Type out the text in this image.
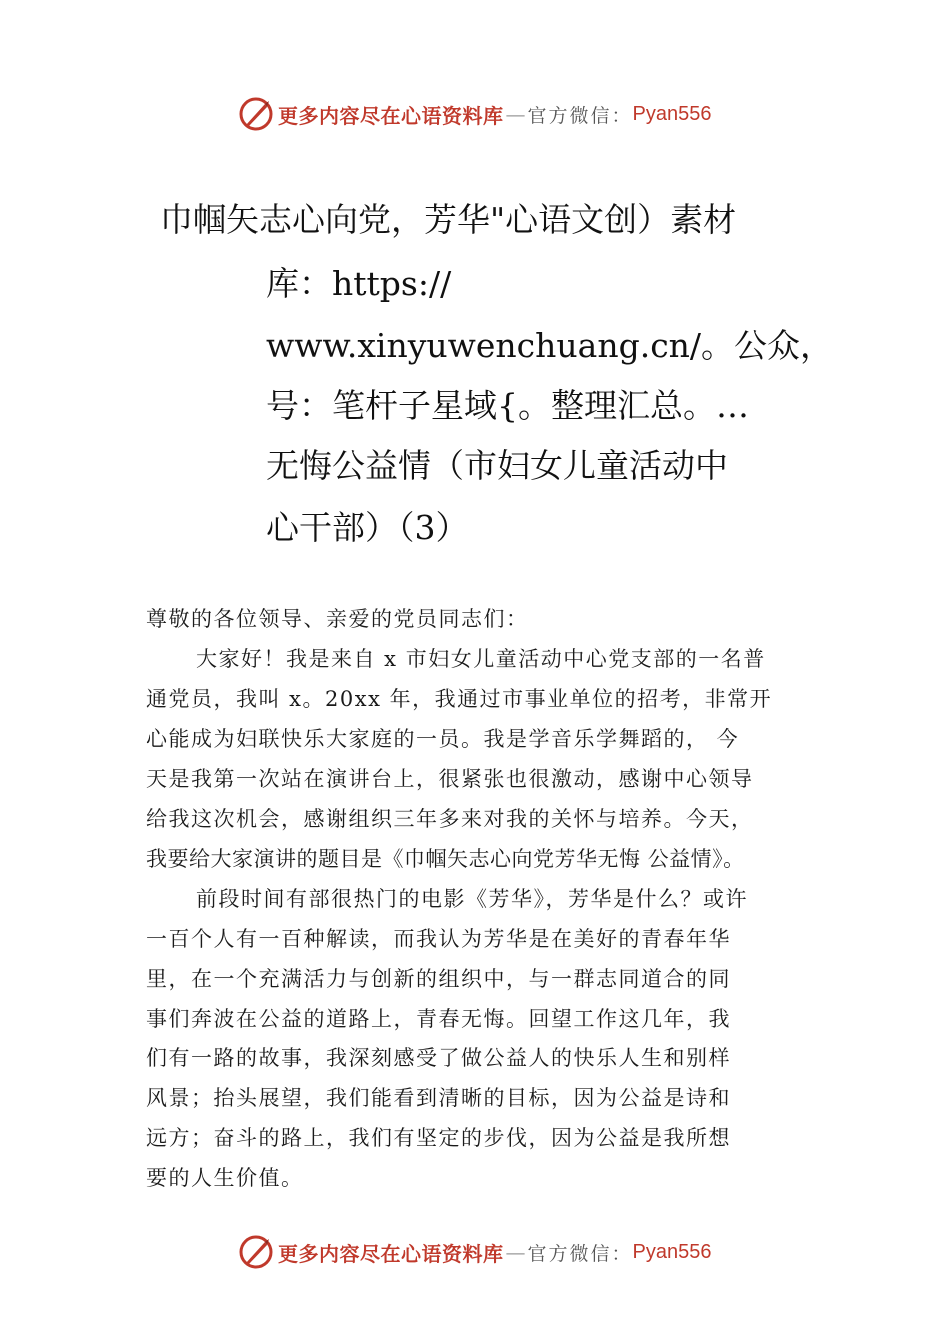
更多内容尽在心语资料库 — 官方微信： Pyan556
巾帼矢志心向党，芳华"心语文创）素材
库：https://
www.xinyuwenchuang.cn/。公众，
号：笔杆子星域{。整理汇总。…
无悔公益情（市妇女儿童活动中
心干部）（3）
尊敬的各位领导、亲爱的党员同志们：
大家好！我是来自 x 市妇女儿童活动中心党支部的一名普
通党员，我叫 x。20xx 年，我通过市事业单位的招考，非常开
心能成为妇联快乐大家庭的一员。我是学音乐学舞蹈的， 今
天是我第一次站在演讲台上，很紧张也很激动，感谢中心领导
给我这次机会，感谢组织三年多来对我的关怀与培养。今天，
我要给大家演讲的题目是《巾帼矢志心向党芳华无悔 公益情》。
前段时间有部很热门的电影《芳华》，芳华是什么？或许
一百个人有一百种解读，而我认为芳华是在美好的青春年华
里，在一个充满活力与创新的组织中，与一群志同道合的同
事们奔波在公益的道路上，青春无悔。回望工作这几年，我
们有一路的故事，我深刻感受了做公益人的快乐人生和别样
风景；抬头展望，我们能看到清晰的目标，因为公益是诗和
远方；奋斗的路上，我们有坚定的步伐，因为公益是我所想
要的人生价值。
更多内容尽在心语资料库 — 官方微信： Pyan556
